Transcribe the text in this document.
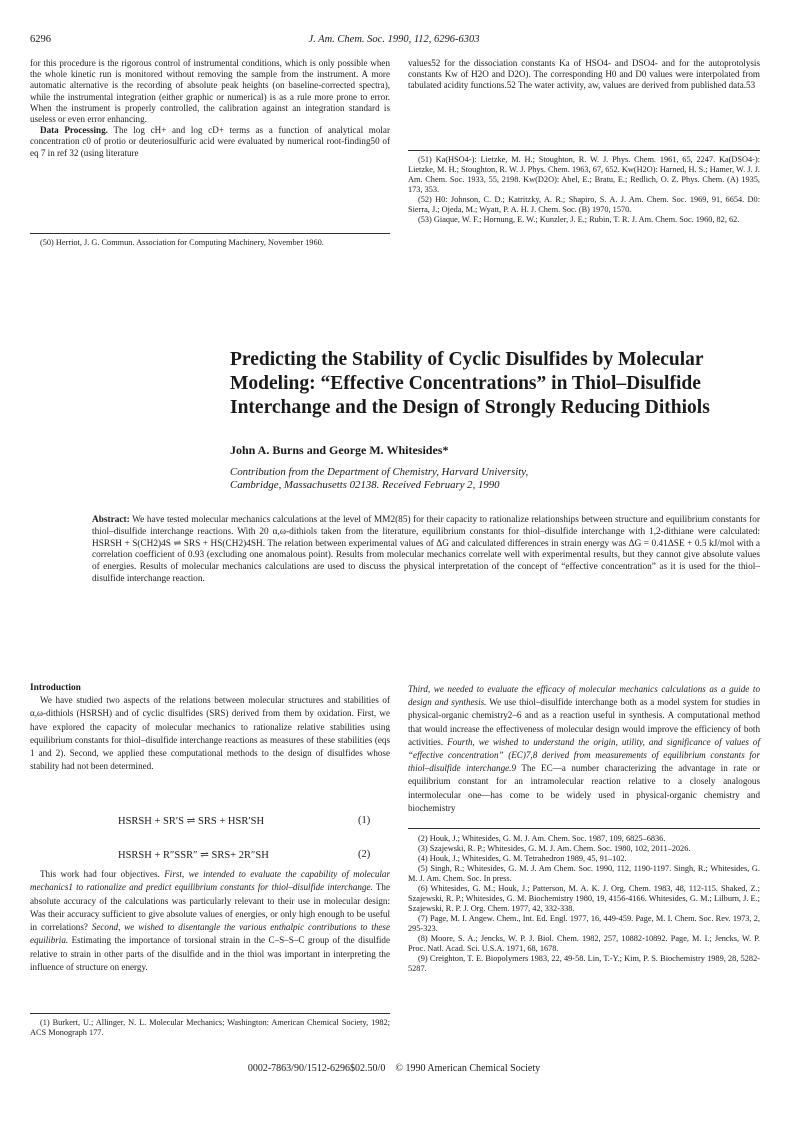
6296	J. Am. Chem. Soc. 1990, 112, 6296-6303

for this procedure is the rigorous control of instrumental conditions, which is only possible when the whole kinetic run is monitored without removing the sample from the instrument. A more automatic alternative is the recording of absolute peak heights (on baseline-corrected spectra), while the instrumental integration (either graphic or numerical) is as a rule more prone to error. When the instrument is properly controlled, the calibration against an integration standard is useless or even error enhancing.

Data Processing. The log cH+ and log cD+ terms as a function of analytical molar concentration c0 of protio or deuteriosulfuric acid were evaluated by numerical root-finding50 of eq 7 in ref 32 (using literature

(50) Herriot, J. G. Commun. Association for Computing Machinery, November 1960.

values52 for the dissociation constants Ka of HSO4- and DSO4- and for the autoprotolysis constants Kw of H2O and D2O). The corresponding H0 and D0 values were interpolated from tabulated acidity functions.52 The water activity, aw, values are derived from published data.53

(51) Ka(HSO4-): Lietzke, M. H.; Stoughton, R. W. J. Phys. Chem. 1961, 65, 2247. Ka(DSO4-): Lietzke, M. H.; Stoughton, R. W. J. Phys. Chem. 1963, 67, 652. Kw(H2O): Harned, H. S.; Hamer, W. J. J. Am. Chem. Soc. 1933, 55, 2198. Kw(D2O): Abel, E.; Bratu, E.; Redlich, O. Z. Phys. Chem. (A) 1935, 173, 353.

(52) H0: Johnson, C. D.; Katritzky, A. R.; Shapiro, S. A. J. Am. Chem. Soc. 1969, 91, 6654. D0: Sierra, J.; Ojeda, M.; Wyatt, P. A. H. J. Chem. Soc. (B) 1970, 1570.

(53) Giaque, W. F.; Hornung, E. W.; Kunzler, J. E.; Rubin, T. R. J. Am. Chem. Soc. 1960, 82, 62.

Predicting the Stability of Cyclic Disulfides by Molecular
Modeling: “Effective Concentrations” in Thiol–Disulfide
Interchange and the Design of Strongly Reducing Dithiols
John A. Burns and George M. Whitesides*
Contribution from the Department of Chemistry, Harvard University,
Cambridge, Massachusetts 02138. Received February 2, 1990
Abstract: We have tested molecular mechanics calculations at the level of MM2(85) for their capacity to rationalize relationships between structure and equilibrium constants for thiol–disulfide interchange reactions. With 20 α,ω-dithiols taken from the literature, equilibrium constants for thiol–disulfide interchange with 1,2-dithiane were calculated: HSRSH + S(CH2)4S ⇌ SRS + HS(CH2)4SH. The relation between experimental values of ΔG and calculated differences in strain energy was ΔG = 0.41ΔSE + 0.5 kJ/mol with a correlation coefficient of 0.93 (excluding one anomalous point). Results from molecular mechanics correlate well with experimental results, but they cannot give absolute values of energies. Results of molecular mechanics calculations are used to discuss the physical interpretation of the concept of “effective concentration” as it is used for the thiol–disulfide interchange reaction.
Introduction

We have studied two aspects of the relations between molecular structures and stabilities of α,ω-dithiols (HSRSH) and of cyclic disulfides (SRS) derived from them by oxidation. First, we have explored the capacity of molecular mechanics to rationalize relative stabilities using equilibrium constants for thiol–disulfide interchange reactions as measures of these stabilities (eqs 1 and 2). Second, we applied these computational methods to the design of disulfides whose stability had not been determined.

HSRSH + SR′S ⇌ SRS + HSR′SH	(1)
HSRSH + R″SSR″ ⇌ SRS+ 2R″SH	(2)

This work had four objectives. First, we intended to evaluate the capability of molecular mechanics1 to rationalize and predict equilibrium constants for thiol–disulfide interchange. The absolute accuracy of the calculations was particularly relevant to their use in molecular design: Was their accuracy sufficient to give absolute values of energies, or only high enough to be useful in correlations? Second, we wished to disentangle the various enthalpic contributions to these equilibria. Estimating the importance of torsional strain in the C–S–S–C group of the disulfide relative to strain in other parts of the disulfide and in the thiol was important in interpreting the influence of structure on energy.

(1) Burkert, U.; Allinger, N. L. Molecular Mechanics; Washington: American Chemical Society, 1982; ACS Monograph 177.

Third, we needed to evaluate the efficacy of molecular mechanics calculations as a guide to design and synthesis. We use thiol–disulfide interchange both as a model system for studies in physical-organic chemistry2–6 and as a reaction useful in synthesis. A computational method that would increase the effectiveness of molecular design would improve the efficiency of both activities. Fourth, we wished to understand the origin, utility, and significance of values of “effective concentration” (EC)7,8 derived from measurements of equilibrium constants for thiol–disulfide interchange.9 The EC—a number characterizing the advantage in rate or equilibrium constant for an intramolecular reaction relative to a closely analogous intermolecular one—has come to be widely used in physical-organic chemistry and biochemistry

(2) Houk, J.; Whitesides, G. M. J. Am. Chem. Soc. 1987, 109, 6825–6836.

(3) Szajewski, R. P.; Whitesides, G. M. J. Am. Chem. Soc. 1980, 102, 2011–2026.

(4) Houk, J.; Whitesides, G. M. Tetrahedron 1989, 45, 91–102.

(5) Singh, R.; Whitesides, G. M. J. Am Chem. Soc. 1990, 112, 1190-1197. Singh, R.; Whitesides, G. M. J. Am. Chem. Soc. In press.

(6) Whitesides, G. M.; Houk, J.; Patterson, M. A. K. J. Org. Chem. 1983, 48, 112-115. Shaked, Z.; Szajewski, R. P.; Whitesides, G. M. Biochemistry 1980, 19, 4156-4166. Whitesides, G. M.; Lilburn, J. E.; Szajewski, R. P. J. Org. Chem. 1977, 42, 332-338.

(7) Page, M. I. Angew. Chem., Int. Ed. Engl. 1977, 16, 449-459. Page, M. I. Chem. Soc. Rev. 1973, 2, 295-323.

(8) Moore, S. A.; Jencks, W. P. J. Biol. Chem. 1982, 257, 10882-10892. Page, M. I.; Jencks, W. P. Proc. Natl. Acad. Sci. U.S.A. 1971, 68, 1678.

(9) Creighton, T. E. Biopolymers 1983, 22, 49-58. Lin, T.-Y.; Kim, P. S. Biochemistry 1989, 28, 5282-5287.

0002-7863/90/1512-6296$02.50/0 © 1990 American Chemical Society
